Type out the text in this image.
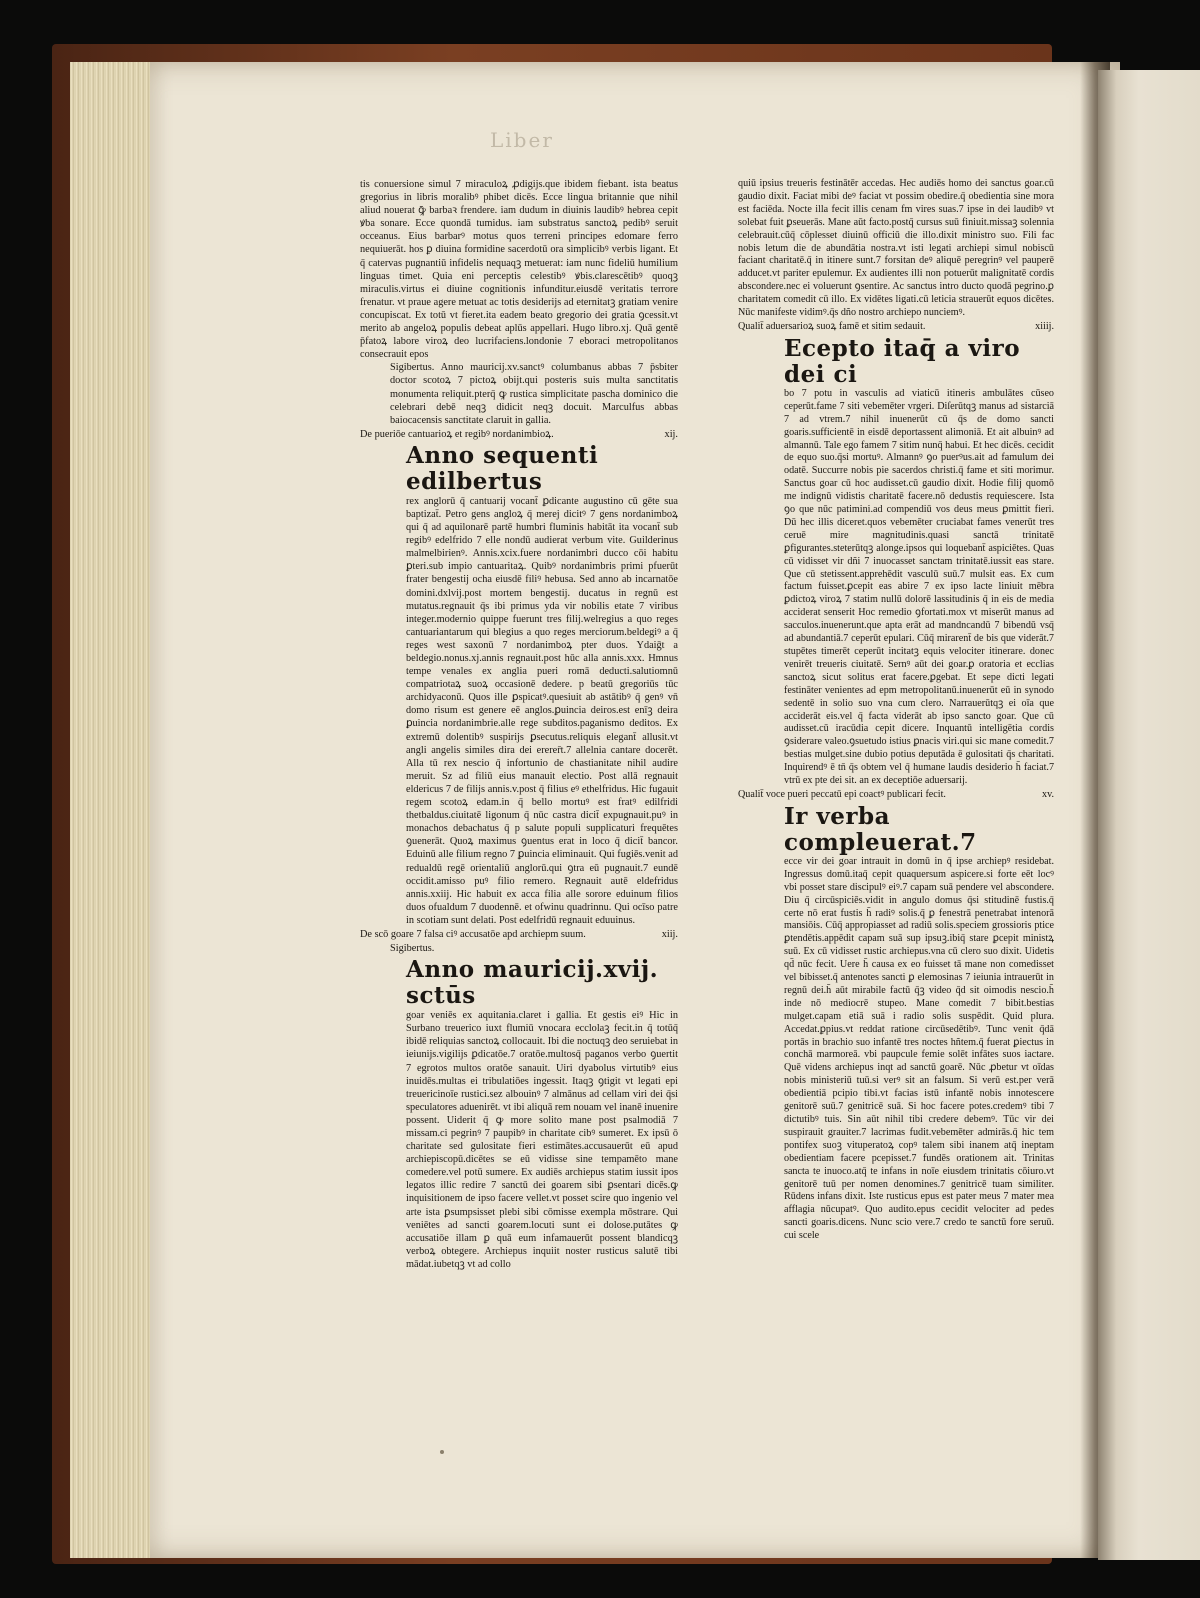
Liber

tis conuersione simul 7 miraculoꝝ ꝓdigijs.que ibidem fiebant. ista beatus gregorius in libris moralibꝰ phibet dicēs. Ecce lingua britannie que nihil aliud nouerat ꝙ̄ barbaꝛ frendere. iam dudum in diuinis laudibꝰ hebrea cepit ꝟba sonare. Ecce quondā tumidus. iam substratus sanctoꝝ pedibꝰ seruit occeanus. Eius barbarꝰ motus quos terreni principes edomare ferro nequiuerāt. hos ꝑ diuina formidine sacerdotū ora simplicibꝰ verbis ligant. Et q̄ catervas pugnantiū infidelis nequaqꝫ metuerat: iam nunc fideliū humilium linguas timet. Quia eni perceptis celestibꝰ ꝟbis.clarescētibꝰ quoqꝫ miraculis.virtus ei diuine cognitionis infunditur.eiusdē veritatis terrore frenatur. vt praue agere metuat ac totis desiderijs ad eternitatꝫ gratiam venire concupiscat. Ex totū vt fieret.ita eadem beato gregorio dei gratia ꝯcessit.vt merito ab angeloꝝ populis debeat aplūs appellari. Hugo libro.xj. Quā gentē p̄fatoꝝ labore viroꝝ deo lucrifaciens.londonie 7 eboraci metropolitanos consecrauit epos

Sigibertus. Anno mauricij.xv.sanctꝰ columbanus abbas 7 p̄sbiter doctor scotoꝝ 7 pictoꝝ obijt.qui posteris suis multa sanctitatis monumenta reliquit.pterq̄ ꝙ rustica simplicitate pascha dominico die celebrari debē neqꝫ didicit neqꝫ docuit. Marculfus abbas baiocacensis sanctitate claruit in gallia.

De pueriōe cantuarioꝝ et regibꝰ nordanimbioꝝ.	xij.
Anno sequenti edilbertus

rex anglorū q̄ cantuarij vocant̄ ꝑdicante augustino cū gēte sua baptizat̄. Petro gens angloꝝ q̄ merej dicitꝰ 7 gens nordanimboꝝ qui q̄ ad aquilonarē partē humbri fluminis habitāt ita vocant̄ sub regibꝰ edelfrido 7 elle nondū audierat verbum vite. Guilderinus malmelbirienꝰ. Annis.xcix.fuere nordanimbri ducco cōi habitu ꝑteri.sub impio cantuaritaꝝ. Quibꝰ nordanimbris primi pfuerūt frater bengestij ocha eiusdē filiꝰ hebusa. Sed anno ab incarnatōe domini.dxlvij.post mortem bengestij. ducatus in regnū est mutatus.regnauit q̄s ibi primus yda vir nobilis etate 7 viribus integer.modernio quippe fuerunt tres filij.welregius a quo reges cantuariantarum qui blegius a quo reges merciorum.beldegiꝰ a q̄ reges west saxonū 7 nordanimboꝝ pter duos. Ydaiḡt a beldegio.nonus.xj.annis regnauit.post hūc alla annis.xxx. Hmnus tempe venales ex anglia pueri romā deducti.salutiomnū compatriotaꝝ suoꝝ occasionē dedere. p beatū gregoriūs tūc archidyaconū. Quos ille ꝑspicatꝰ.quesiuit ab astātibꝰ q̄ genꝰ vn̄ domo risum est genere eē anglos.ꝑuincia deiros.est enīꝫ deira ꝑuincia nordanimbrie.alle rege subditos.paganismo deditos. Ex extremū dolentibꝰ suspirijs ꝑsecutus.reliquis elegant̄ allusit.vt angli angelis similes dira dei ererer̄t.7 allelnia cantare docerēt. Alla tū rex nescio q̄ infortunio de chastianitate nihil audire meruit. Sz ad filiū eius manauit electio. Post allā regnauit eldericus 7 de filijs annis.v.post q̄ filius eꝰ ethelfridus. Hic fugauit regem scotoꝝ edam.in q̄ bello mortuꝰ est fratꝰ edilfridi thetbaldus.ciuitatē ligonum q̄ nūc castra dicit̄ expugnauit.puꝰ in monachos debachatus q̄ p salute populi supplicaturi frequētes ꝯuenerāt. Quoꝝ maximus ꝯuentus erat in loco q̄ dicit̄ bancor. Eduinū alle filium regno 7 ꝑuincia eliminauit. Qui fugiēs.venit ad redualdū regē orientaliū anglorū.qui ꝯtra eū pugnauit.7 eundē occidit.amisso puꝰ filio remero. Regnauit autē eldefridus annis.xxiij. Hic habuit ex acca filia alle sorore eduinum filios duos ofualdum 7 duodennē. et ofwinu quadrinnu. Qui ocīso patre in scotiam sunt delati. Post edelfridū regnauit eduuinus.

De scō goare 7 falsa ciꝰ accusatōe apd archiepm suum.	xiij.

Sigibertus.

Anno mauricij.xvij. sctūs

goar veniēs ex aquitania.claret i gallia. Et gestis eiꝰ Hic in Surbano treuerico iuxt flumiū vnocara ecclolaꝫ fecit.in q̄ totūq̄ ibidē reliquias sanctoꝝ collocauit. Ibi die noctuqꝫ deo seruiebat in ieiunijs.vigilijs ꝑdicatōe.7 oratōe.multosq̄ paganos verbo ꝯuertit 7 egrotos multos oratōe sanauit. Uiri dyabolus virtutibꝰ eius inuidēs.multas ei tribulatiōes ingessit. Itaqꝫ ꝯtigit vt legati epi treuericinoīe rustici.sez albouinꝰ 7 almānus ad cellam viri dei q̄si speculatores aduenirēt. vt ibi aliquā rem nouam vel inanē inuenire possent. Uiderit q̄ ꝙ more solito mane post psalmodiā 7 missam.ci pegrinꝰ 7 paupibꝰ in charitate cibꝰ sumeret. Ex ipsū ō charitate sed gulositate fieri estimātes.accusauerūt eū apud archiepiscopū.dicētes se eū vidisse sine tempamēto mane comedere.vel potū sumere. Ex audiēs archiepus statim iussit ipos legatos illic redire 7 sanctū dei goarem sibi ꝑsentari dicēs.ꝙ inquisitionem de ipso facere vellet.vt posset scire quo ingenio vel arte ista ꝑsumpsisset plebi sibi cōmisse exempla mōstrare. Qui veniētes ad sancti goarem.locuti sunt ei dolose.putātes ꝙ accusatiōe illam ꝑ quā eum infamauerūt possent blandicqꝫ verboꝝ obtegere. Archiepus inquiit noster rusticus salutē tibi mādat.iubetqꝫ vt ad collo

quiū ipsius treueris festinātēr accedas. Hec audiēs homo dei sanctus goar.cū gaudio dixit. Faciat mibi deꝰ faciat vt possim obedire.q̄ obedientia sine mora est faciēda. Nocte illa fecit illis cenam fm vires suas.7 ipse in dei laudibꝰ vt solebat fuit ꝑseuerās. Mane aūt facto.postq̄ cursus suū finiuit.missaꝫ solennia celebrauit.cūq̄ cōplesset diuinū officiū die illo.dixit ministro suo. Fili fac nobis letum die de abundātia nostra.vt isti legati archiepi simul nobiscū faciant charitatē.q̄ in itinere sunt.7 forsitan deꝰ aliquē peregrinꝰ vel pauperē adducet.vt pariter epulemur. Ex audientes illi non potuerūt malignitatē cordis abscondere.nec ei voluerunt ꝯsentire. Ac sanctus intro ducto quodā pegrino.ꝑ charitatem comedit cū illo. Ex vidētes ligati.cū leticia strauerūt equos dicētes. Nūc manifeste vidimꝰ.q̄s dño nostro archiepo nunciemꝰ.

Qualit̄ aduersarioꝝ suoꝝ famē et sitim sedauit.	xiiij.
Ecepto itaq̄ a viro dei ci

bo 7 potu in vasculis ad viaticū itineris ambulātes cūseo ceperūt.fame 7 siti vebemēter vrgeri. Diſerūtqꝫ manus ad sistarciā 7 ad vtrem.7 nihil inuenerūt cū q̄s de domo sancti goaris.sufficientē in eisdē deportassent alimoniā. Et ait albuinꝰ ad almannū. Tale ego famem 7 sitim nunq̄ habui. Et hec dicēs. cecidit de equo suo.q̄si mortuꝰ. Almannꝰ ꝯo puerꝰus.ait ad famulum dei odatē. Succurre nobis pie sacerdos christi.q̄ fame et siti morimur. Sanctus goar cū hoc audisset.cū gaudio dixit. Hodie filij quomō me indignū vidistis charitatē facere.nō dedustis requiescere. Ista ꝯo que nūc patimini.ad compendiū vos deus meus ꝑmittit fieri. Dū hec illis diceret.quos vebemēter cruciabat fames venerūt tres ceruē mire magnitudinis.quasi sanctā trinitatē ꝑfigurantes.steterūtqꝫ alonge.ipsos qui loquebant̄ aspiciētes. Quas cū vidisset vir dñi 7 inuocasset sanctam trinitatē.iussit eas stare. Que cū stetissent.apprehēdit vasculū suū.7 mulsit eas. Ex cum factum fuisset.ꝑcepit eas abire 7 ex ipso lacte liniuit mēbra ꝑdictoꝝ viroꝝ 7 statim nullū dolorē lassitudinis q̄ in eis de media acciderat senserit Hoc remedio ꝯfortati.mox vt miserūt manus ad sacculos.inuenerunt.que apta erāt ad mandncandū 7 bibendū vsq̄ ad abundantiā.7 ceperūt epulari. Cūq̄ mirarent̄ de bis que viderāt.7 stupētes timerēt ceperūt incitatꝫ equis velociter itinerare. donec venirēt treueris ciuitatē. Sernꝰ aūt dei goar.ꝑ oratoria et ecclias sanctoꝝ sicut solitus erat facere.ꝑgebat. Et sepe dicti legati festināter venientes ad epm metropolitanū.inuenerūt eū in synodo sedentē in solio suo vna cum clero. Narrauerūtqꝫ ei oīa que acciderāt eis.vel q̄ facta viderāt ab ipso sancto goar. Que cū audisset.cū iracūdia cepit dicere. Inquantū intelligētia cordis ꝯsiderare valeo.ꝯsuetudo istius ꝑnacis viri.qui sic mane comedit.7 bestias mulget.sine dubio potius deputāda ē gulositati q̄s charitati. Inquirendꝰ ē tn̄ q̄s obtem vel q̄ humane laudis desiderio h̄ faciat.7 vtrū ex pte dei sit. an ex deceptiōe aduersarij.

Qualit̄ voce pueri peccatū epi coactꝰ publicari fecit.	xv.
Ir verba compleuerat.7

ecce vir dei goar intrauit in domū in q̄ ipse archiepꝰ residebat. Ingressus domū.itaq̄ cepit quaquersum aspicere.si forte eēt locꝰ vbi posset stare discipulꝰ eiꝰ.7 capam suā pendere vel abscondere. Diu q̄ circūspiciēs.vidit in angulo domus q̄si stitudinē fustis.q̄ certe nō erat fustis h̄ radiꝰ solis.q̄ ꝑ fenestrā penetrabat intenorā mansiōis. Cūq̄ appropiasset ad radiū solis.speciem grossioris ptice ꝑtendētis.appēdit capam suā sup ipsuꝫ.ibiq̄ stare ꝑcepit ministꝝ suū. Ex cū vidisset rustic archiepus.vna cū clero suo dixit. Uidetis qd̄ nūc fecit. Uere h̄ causa ex eo fuisset tā mane non comedisset vel bibisset.q̄ antenotes sancti ꝑ elemosinas 7 ieiunia intrauerūt in regnū dei.h̄ aūt mirabile factū q̄ꝫ video q̄d sit oimodis nescio.h̄ inde nō mediocrē stupeo. Mane comedit 7 bibit.bestias mulget.capam etiā suā i radio solis suspēdit. Quid plura. Accedat.ꝑpius.vt reddat ratione circūsedētibꝰ. Tunc venit q̄dā portās in brachio suo infantē tres noctes hñtem.q̄ fuerat ꝑiectus in conchā marmoreā. vbi paupcule femie solēt infātes suos iactare. Quē videns archiepus inqt ad sanctū goarē. Nūc ꝓbetur vt oīdas nobis ministeriū tuū.si verꝰ sit an falsum. Si verū est.per verā obedientiā pcipio tibi.vt facias istū infantē nobis innotescere genitorē suū.7 genitricē suā. Si hoc facere potes.credemꝰ tibi 7 dictutibꝰ tuis. Sin aūt nihil tibi credere debemꝰ. Tūc vir dei suspirauit grauiter.7 lacrimas fudit.vebemēter admirās.q̄ hic tem pontifex suoꝫ vituperatoꝝ copꝰ talem sibi inanem atq̄ ineptam obedientiam facere pcepisset.7 fundēs orationem ait. Trinitas sancta te inuoco.atq̄ te infans in noīe eiusdem trinitatis cōiuro.vt genitorē tuū per nomen denomines.7 genitricē tuam similiter. Rūdens infans dixit. Iste rusticus epus est pater meus 7 mater mea afflagia nūcupatꝰ. Quo audito.epus cecidit velociter ad pedes sancti goaris.dicens. Nunc scio vere.7 credo te sanctū fore seruū. cui scele
